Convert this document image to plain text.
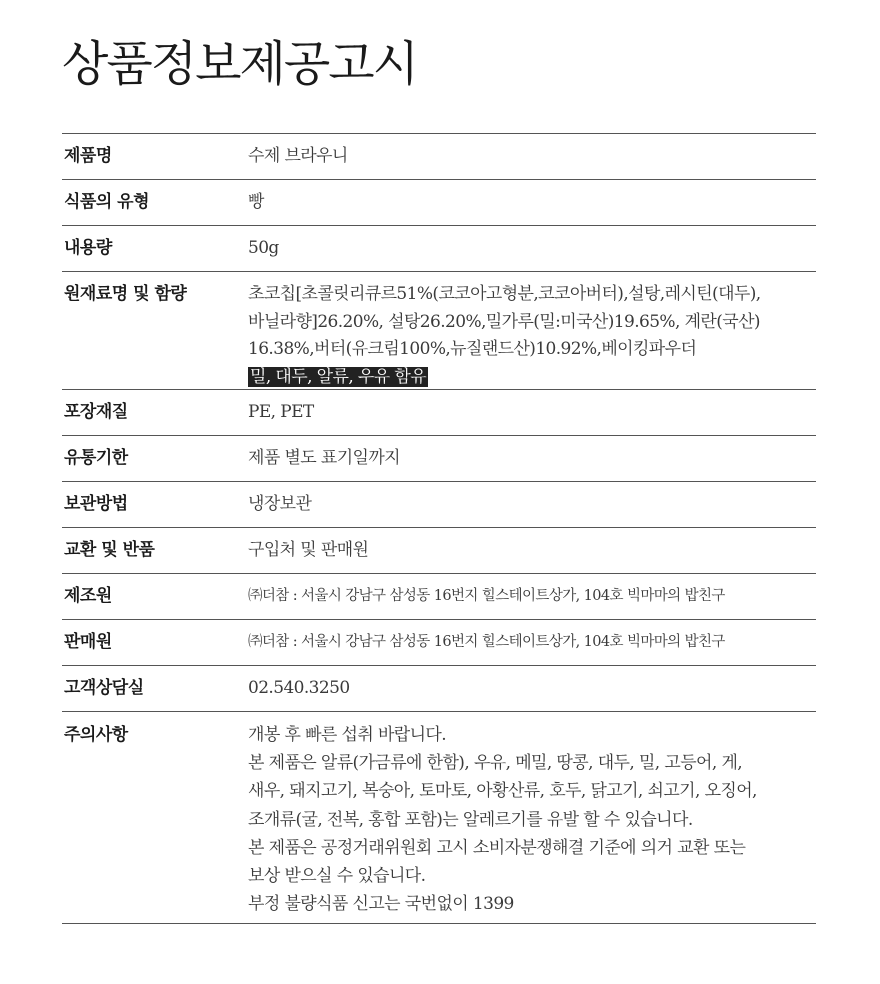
상품정보제공고시
제품명	수제 브라우니
식품의 유형	빵
내용량	50g
원재료명 및 함량	초코칩[초콜릿리큐르51%(코코아고형분,코코아버터),설탕,레시틴(대두),
바닐라향]26.20%, 설탕26.20%,밀가루(밀:미국산)19.65%, 계란(국산)
16.38%,버터(유크림100%,뉴질랜드산)10.92%,베이킹파우더
밀, 대두, 알류, 우유 함유
포장재질	PE, PET
유통기한	제품 별도 표기일까지
보관방법	냉장보관
교환 및 반품	구입처 및 판매원
제조원	㈜더참 : 서울시 강남구 삼성동 16번지 힐스테이트상가, 104호 빅마마의 밥친구
판매원	㈜더참 : 서울시 강남구 삼성동 16번지 힐스테이트상가, 104호 빅마마의 밥친구
고객상담실	02.540.3250
주의사항	개봉 후 빠른 섭취 바랍니다.
본 제품은 알류(가금류에 한함), 우유, 메밀, 땅콩, 대두, 밀, 고등어, 게,
새우, 돼지고기, 복숭아, 토마토, 아황산류, 호두, 닭고기, 쇠고기, 오징어,
조개류(굴, 전복, 홍합 포함)는 알레르기를 유발 할 수 있습니다.
본 제품은 공정거래위원회 고시 소비자분쟁해결 기준에 의거 교환 또는
보상 받으실 수 있습니다.
부정 불량식품 신고는 국번없이 1399
